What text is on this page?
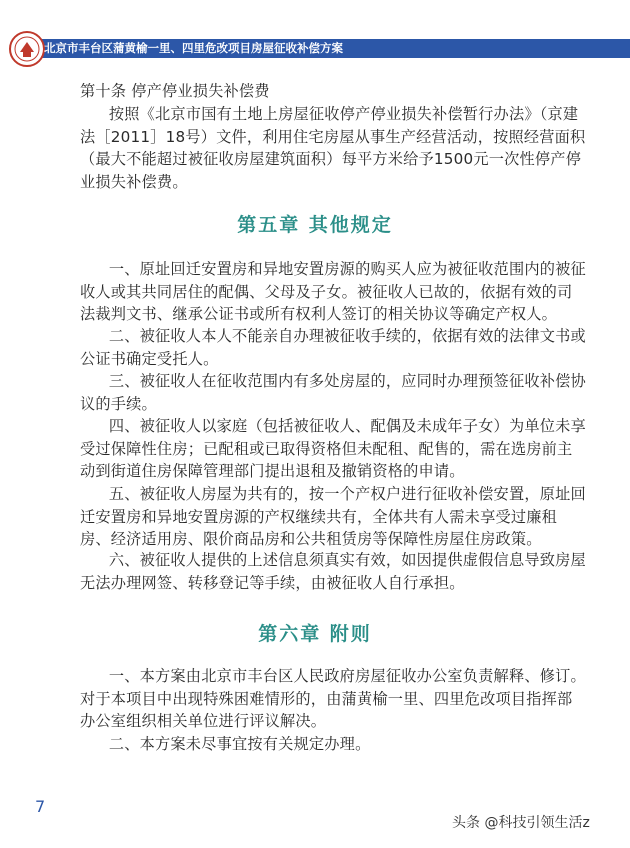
北京市丰台区蒲黄榆一里、四里危改项目房屋征收补偿方案
第十条 停产停业损失补偿费
按照《北京市国有土地上房屋征收停产停业损失补偿暂行办法》（京建法［2011］18号）文件，利用住宅房屋从事生产经营活动，按照经营面积（最大不能超过被征收房屋建筑面积）每平方米给予1500元一次性停产停业损失补偿费。
第五章 其他规定
一、原址回迁安置房和异地安置房源的购买人应为被征收范围内的被征收人或其共同居住的配偶、父母及子女。被征收人已故的，依据有效的司法裁判文书、继承公证书或所有权利人签订的相关协议等确定产权人。
二、被征收人本人不能亲自办理被征收手续的，依据有效的法律文书或公证书确定受托人。
三、被征收人在征收范围内有多处房屋的，应同时办理预签征收补偿协议的手续。
四、被征收人以家庭（包括被征收人、配偶及未成年子女）为单位未享受过保障性住房；已配租或已取得资格但未配租、配售的，需在选房前主动到街道住房保障管理部门提出退租及撤销资格的申请。
五、被征收人房屋为共有的，按一个产权户进行征收补偿安置，原址回迁安置房和异地安置房源的产权继续共有，全体共有人需未享受过廉租房、经济适用房、限价商品房和公共租赁房等保障性房屋住房政策。
六、被征收人提供的上述信息须真实有效，如因提供虚假信息导致房屋无法办理网签、转移登记等手续，由被征收人自行承担。
第六章 附则
一、本方案由北京市丰台区人民政府房屋征收办公室负责解释、修订。对于本项目中出现特殊困难情形的，由蒲黄榆一里、四里危改项目指挥部办公室组织相关单位进行评议解决。
二、本方案未尽事宜按有关规定办理。
7
头条 @科技引领生活z
